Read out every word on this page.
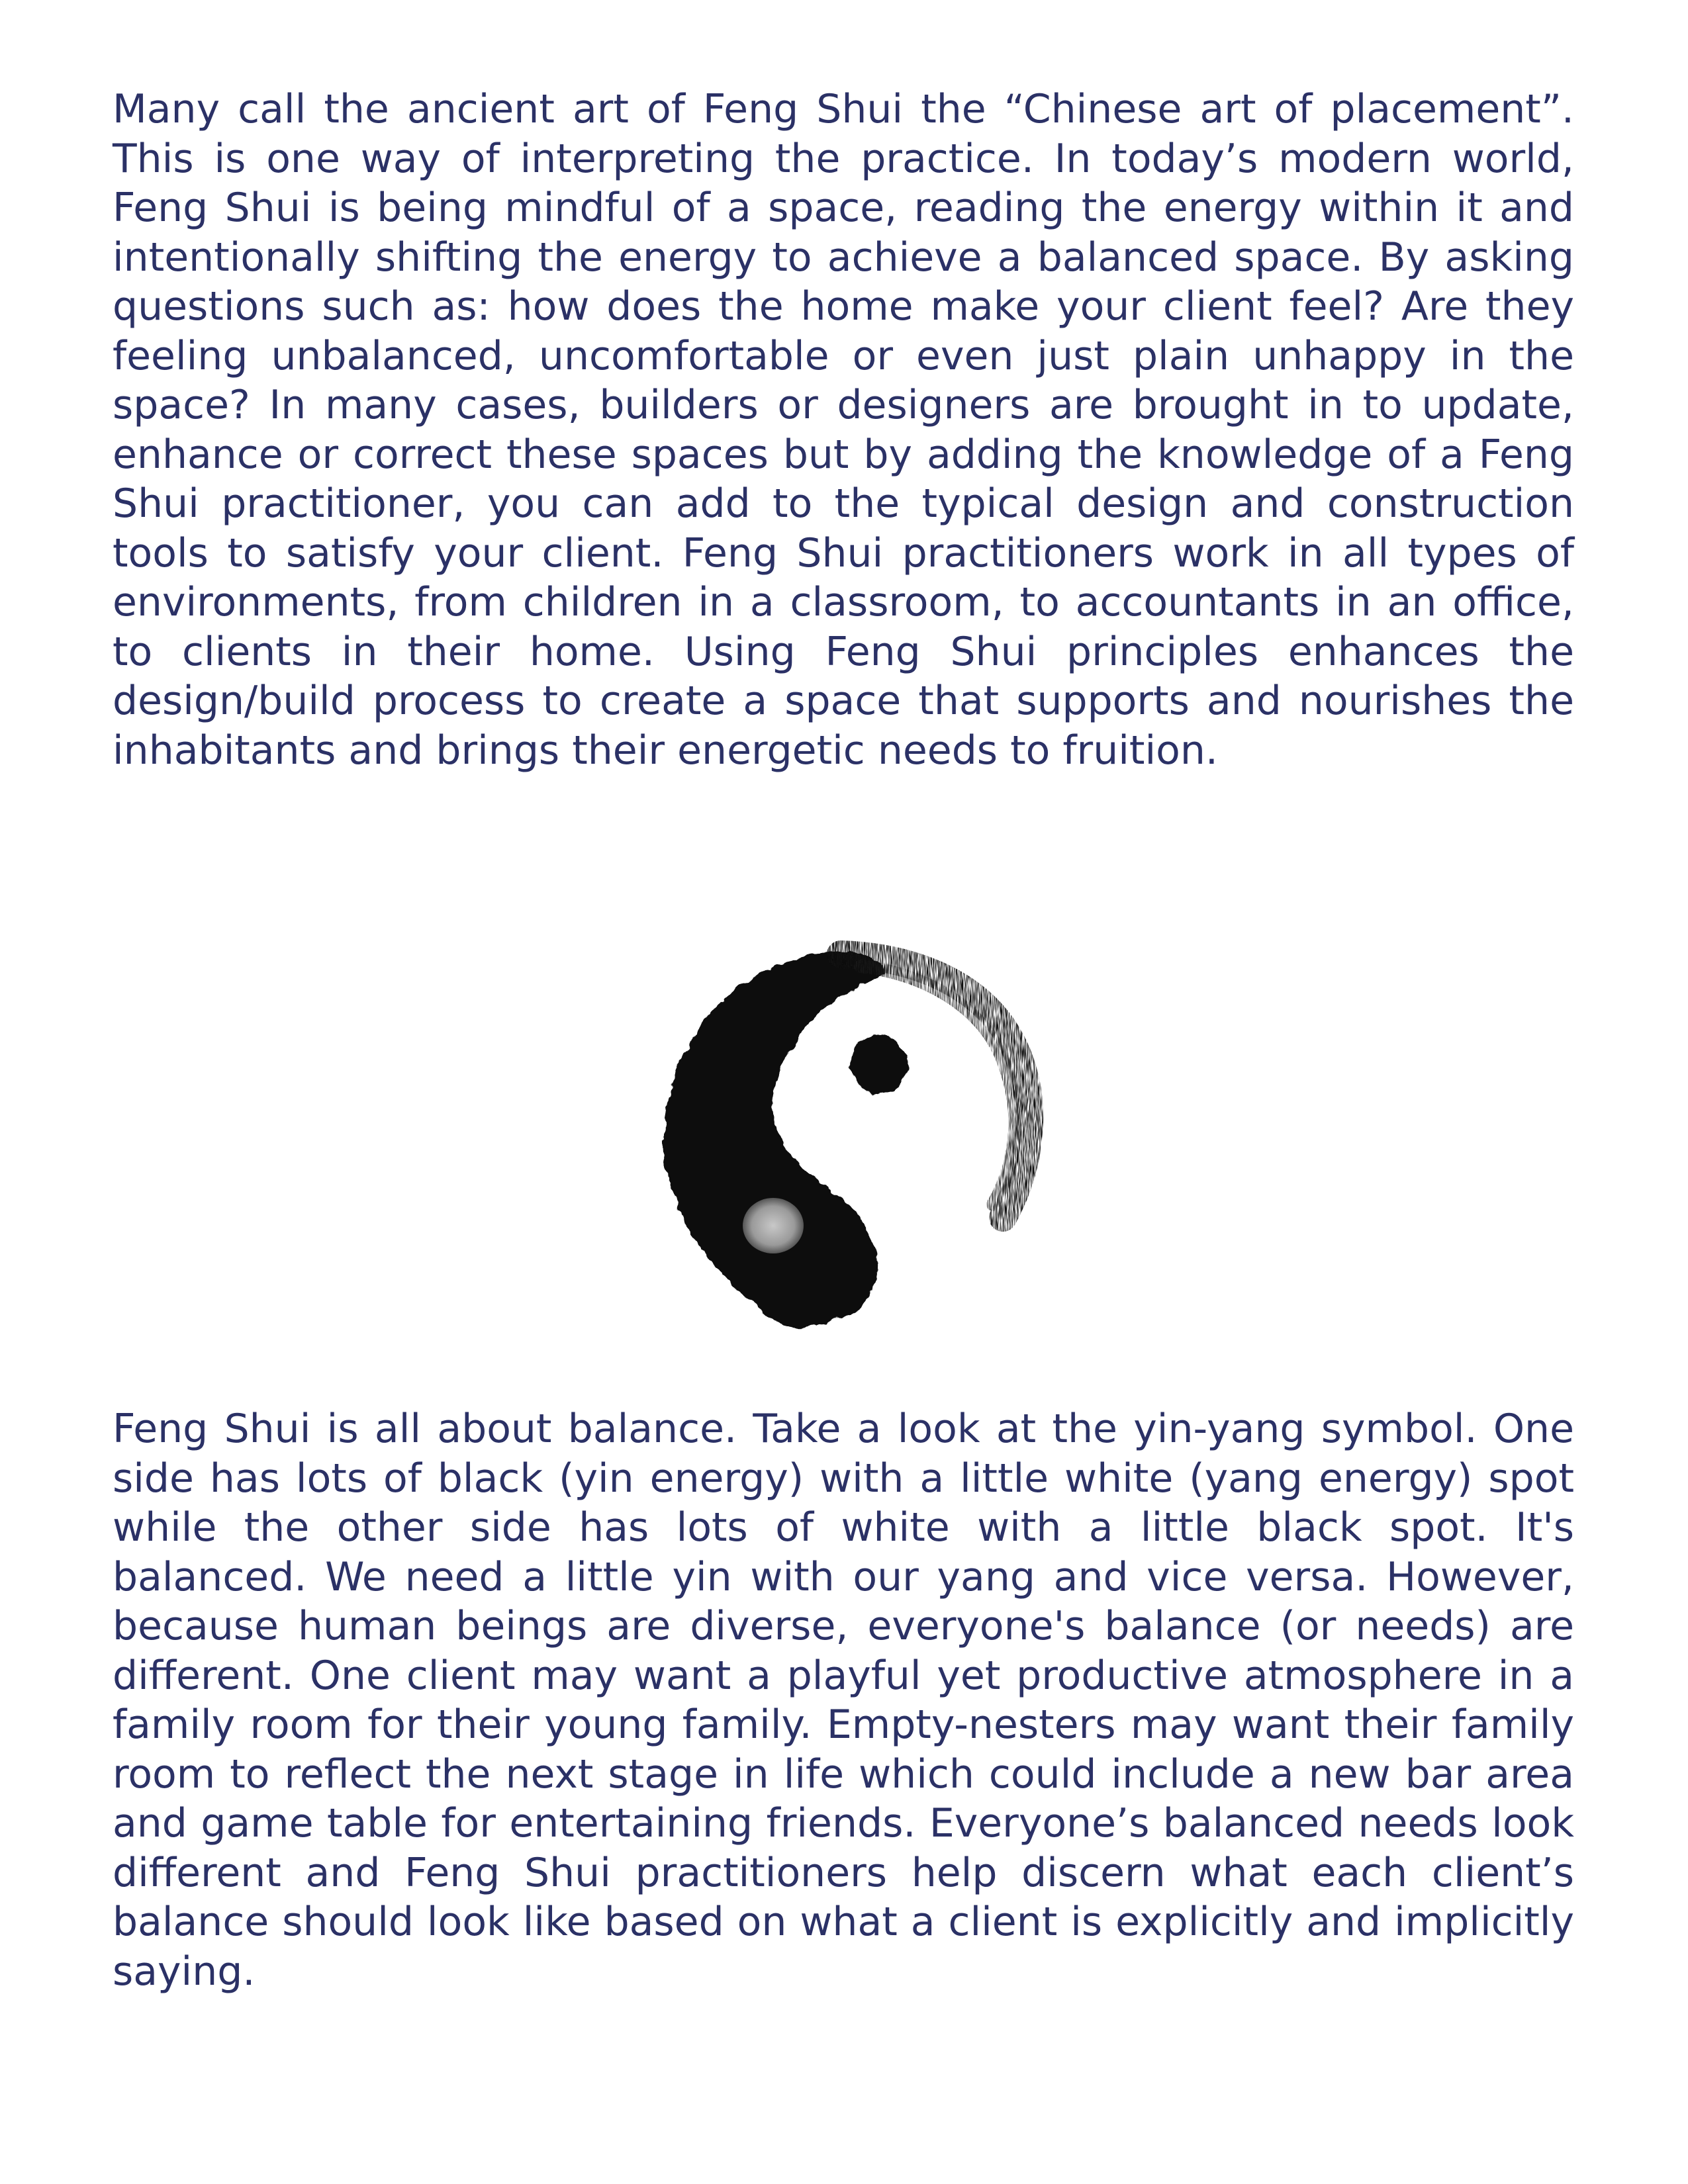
Many call the ancient art of Feng Shui the “Chinese art of placement”. This is one way of interpreting the practice. In today’s modern world, Feng Shui is being mindful of a space, reading the energy within it and intentionally shifting the energy to achieve a balanced space. By asking questions such as: how does the home make your client feel? Are they feeling unbalanced, uncomfortable or even just plain unhappy in the space? In many cases, builders or designers are brought in to update, enhance or correct these spaces but by adding the knowledge of a Feng Shui practitioner, you can add to the typical design and construction tools to satisfy your client. Feng Shui practitioners work in all types of environments, from children in a classroom, to accountants in an office, to clients in their home. Using Feng Shui principles enhances the design/build process to create a space that supports and nourishes the inhabitants and brings their energetic needs to fruition.

Feng Shui is all about balance. Take a look at the yin-yang symbol. One side has lots of black (yin energy) with a little white (yang energy) spot while the other side has lots of white with a little black spot. It's balanced. We need a little yin with our yang and vice versa. However, because human beings are diverse, everyone's balance (or needs) are different. One client may want a playful yet productive atmosphere in a family room for their young family. Empty-nesters may want their family room to reflect the next stage in life which could include a new bar area and game table for entertaining friends. Everyone’s balanced needs look different and Feng Shui practitioners help discern what each client’s balance should look like based on what a client is explicitly and implicitly saying.
